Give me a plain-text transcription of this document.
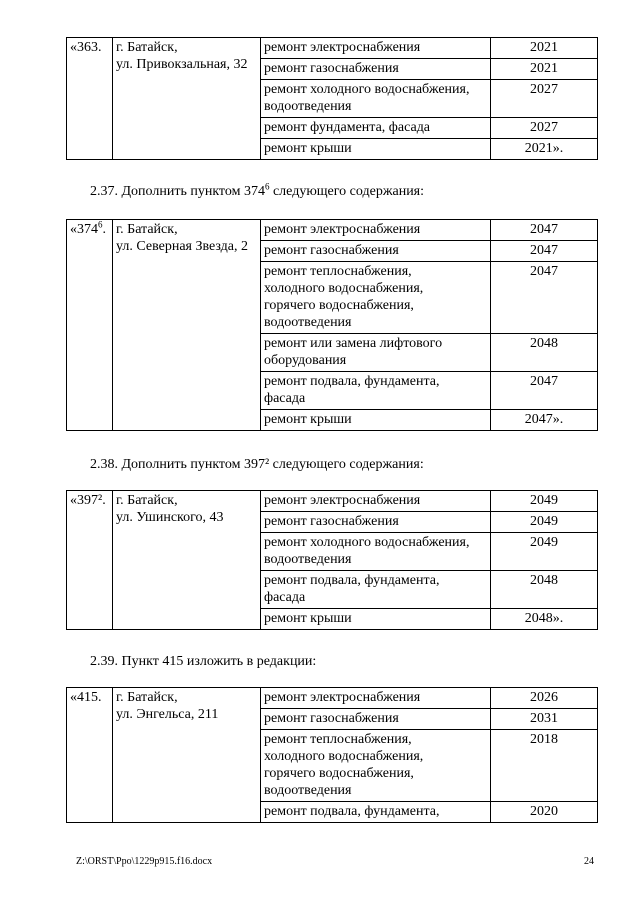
«363.	г. Батайск,
ул. Привокзальная, 32	ремонт электроснабжения	2021
		ремонт газоснабжения	2021
		ремонт холодного водоснабжения, водоотведения	2027
		ремонт фундамента, фасада	2027
		ремонт крыши	2021».
2.37. Дополнить пунктом $374^6$ следующего содержания:
«$374^6$.	г. Батайск,
ул. Северная Звезда, 2	ремонт электроснабжения	2047
		ремонт газоснабжения	2047
		ремонт теплоснабжения, холодного водоснабжения, горячего водоснабжения, водоотведения	2047
		ремонт или замена лифтового оборудования	2048
		ремонт подвала, фундамента, фасада	2047
		ремонт крыши	2047».
2.38. Дополнить пунктом 397² следующего содержания:
«397².	г. Батайск,
ул. Ушинского, 43	ремонт электроснабжения	2049
		ремонт газоснабжения	2049
		ремонт холодного водоснабжения, водоотведения	2049
		ремонт подвала, фундамента, фасада	2048
		ремонт крыши	2048».
2.39. Пункт 415 изложить в редакции:
«415.	г. Батайск,
ул. Энгельса, 211	ремонт электроснабжения	2026
		ремонт газоснабжения	2031
		ремонт теплоснабжения, холодного водоснабжения, горячего водоснабжения, водоотведения	2018
		ремонт подвала, фундамента,	2020
Z:\ORST\Ppo\1229p915.f16.docx	24
